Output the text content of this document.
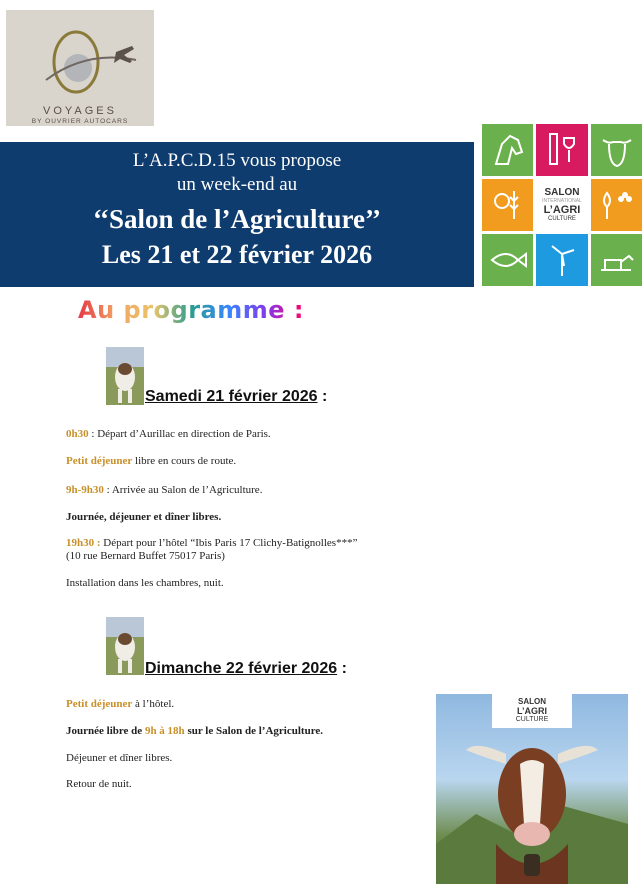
VOYAGES
BY OUVRIER AUTOCARS
L’A.P.C.D.15 vous propose
un week-end au
‘‘Salon de l’Agriculture’’
Les 21 et 22 février 2026
SALON
INTERNATIONAL
L’AGRI
CULTURE
Au programme :
Samedi 21 février 2026 :
0h30 : Départ d’Aurillac en direction de Paris.
Petit déjeuner libre en cours de route.
9h-9h30 : Arrivée au Salon de l’Agriculture.
Journée, déjeuner et dîner libres.
19h30 : Départ pour l’hôtel “Ibis Paris 17 Clichy-Batignolles***”
(10 rue Bernard Buffet 75017 Paris)
Installation dans les chambres, nuit.
Dimanche 22 février 2026 :
Petit déjeuner à l’hôtel.
Journée libre de 9h à 18h sur le Salon de l’Agriculture.
Déjeuner et dîner libres.
Retour de nuit.
SALON
L’AGRI
CULTURE
